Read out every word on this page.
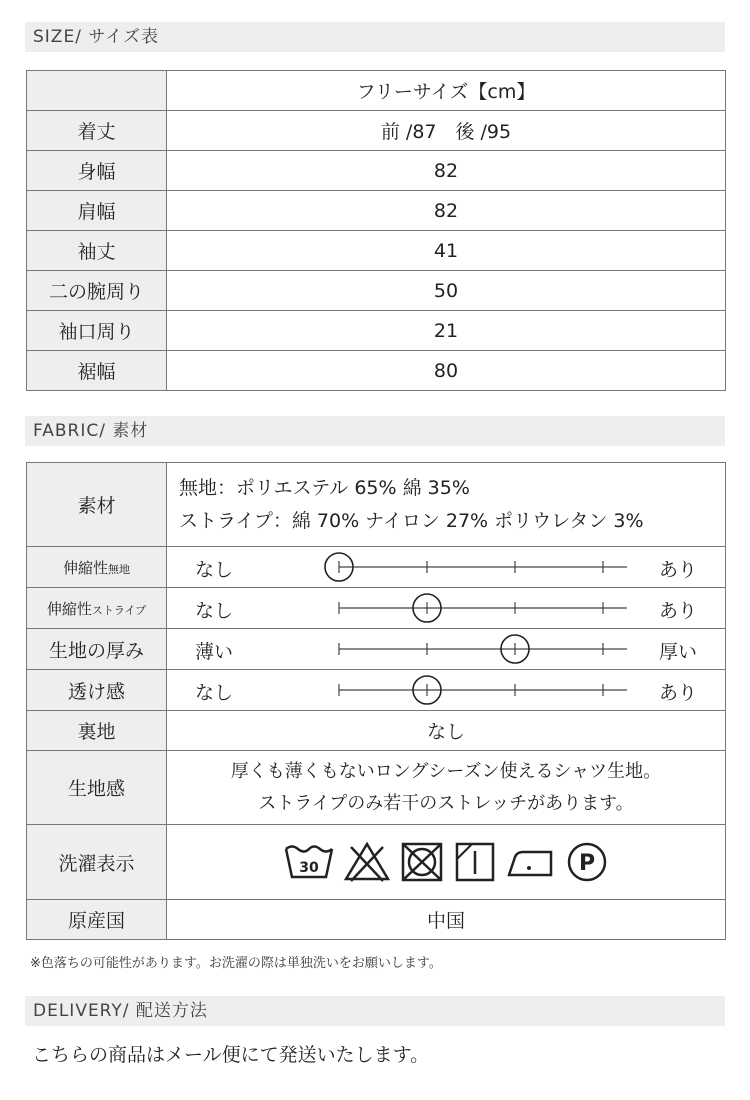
SIZE/ サイズ表
	フリーサイズ【cm】
着丈	前 /87　後 /95
身幅	82
肩幅	82
袖丈	41
二の腕周り	50
袖口周り	21
裾幅	80
FABRIC/ 素材
素材	無地：ポリエステル 65% 綿 35%
ストライプ：綿 70% ナイロン 27% ポリウレタン 3%

伸縮性無地	なし あり

伸縮性ストライプ	なし あり

生地の厚み	薄い 厚い

透け感	なし あり

裏地	なし
生地感	厚くも薄くもないロングシーズン使えるシャツ生地。
ストライプのみ若干のストレッチがあります。

洗濯表示	30 P

原産国	中国
※色落ちの可能性があります。お洗濯の際は単独洗いをお願いします。
DELIVERY/ 配送方法
こちらの商品はメール便にて発送いたします。
